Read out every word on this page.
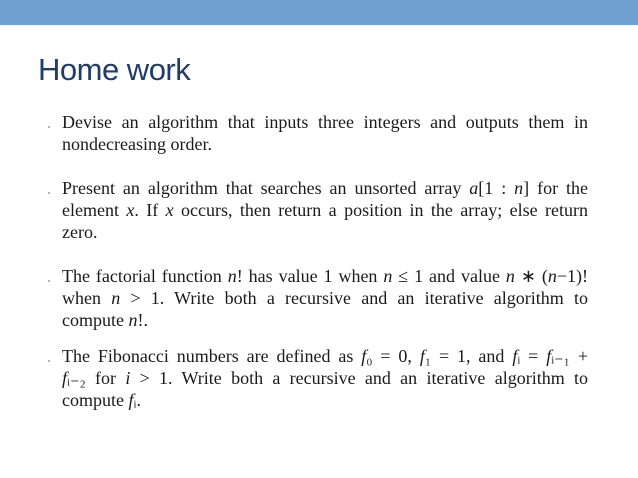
Home work
Devise an algorithm that inputs three integers and outputs them in
nondecreasing order.
Present an algorithm that searches an unsorted array a[1 : n] for the
element x. If x occurs, then return a position in the array; else return
zero.
The factorial function n! has value 1 when n ≤ 1 and value n ∗ (n−1)!
when n > 1. Write both a recursive and an iterative algorithm to
compute n!.
The Fibonacci numbers are defined as f₀ = 0, f₁ = 1, and fᵢ = fᵢ₋₁ +
fᵢ₋₂ for i > 1. Write both a recursive and an iterative algorithm to
compute fᵢ.
